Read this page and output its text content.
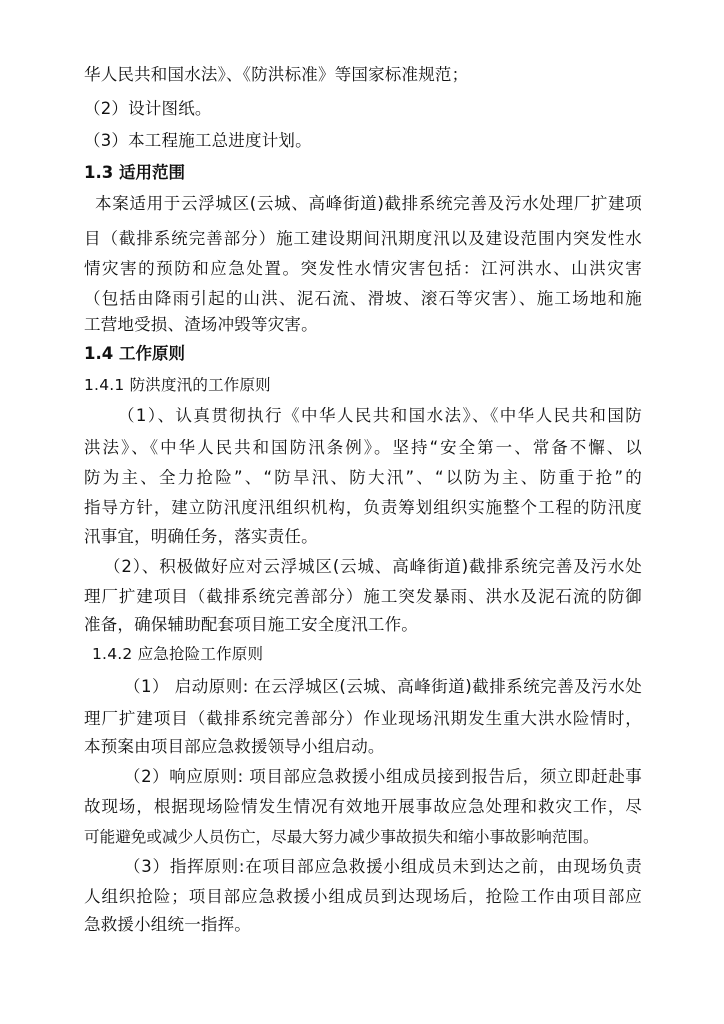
华人民共和国水法》、《防洪标准》等国家标准规范；
（2）设计图纸。
（3）本工程施工总进度计划。
1.3 适用范围
本案适用于云浮城区(云城、高峰街道)截排系统完善及污水处理厂扩建项
目（截排系统完善部分）施工建设期间汛期度汛以及建设范围内突发性水
情灾害的预防和应急处置。突发性水情灾害包括：江河洪水、山洪灾害
（包括由降雨引起的山洪、泥石流、滑坡、滚石等灾害）、施工场地和施
工营地受损、渣场冲毁等灾害。
1.4 工作原则
1.4.1 防洪度汛的工作原则
（1）、认真贯彻执行《中华人民共和国水法》、《中华人民共和国防
洪法》、《中华人民共和国防汛条例》。坚持“安全第一、常备不懈、以
防为主、全力抢险”、“防旱汛、防大汛”、“以防为主、防重于抢”的
指导方针，建立防汛度汛组织机构，负责筹划组织实施整个工程的防汛度
汛事宜，明确任务，落实责任。
（2）、积极做好应对云浮城区(云城、高峰街道)截排系统完善及污水处
理厂扩建项目（截排系统完善部分）施工突发暴雨、洪水及泥石流的防御
准备，确保辅助配套项目施工安全度汛工作。
1.4.2 应急抢险工作原则
（1） 启动原则: 在云浮城区(云城、高峰街道)截排系统完善及污水处
理厂扩建项目（截排系统完善部分）作业现场汛期发生重大洪水险情时，
本预案由项目部应急救援领导小组启动。
（2）响应原则: 项目部应急救援小组成员接到报告后，须立即赶赴事
故现场，根据现场险情发生情况有效地开展事故应急处理和救灾工作，尽
可能避免或减少人员伤亡，尽最大努力减少事故损失和缩小事故影响范围。
（3）指挥原则:在项目部应急救援小组成员未到达之前，由现场负责
人组织抢险；项目部应急救援小组成员到达现场后，抢险工作由项目部应
急救援小组统一指挥。
